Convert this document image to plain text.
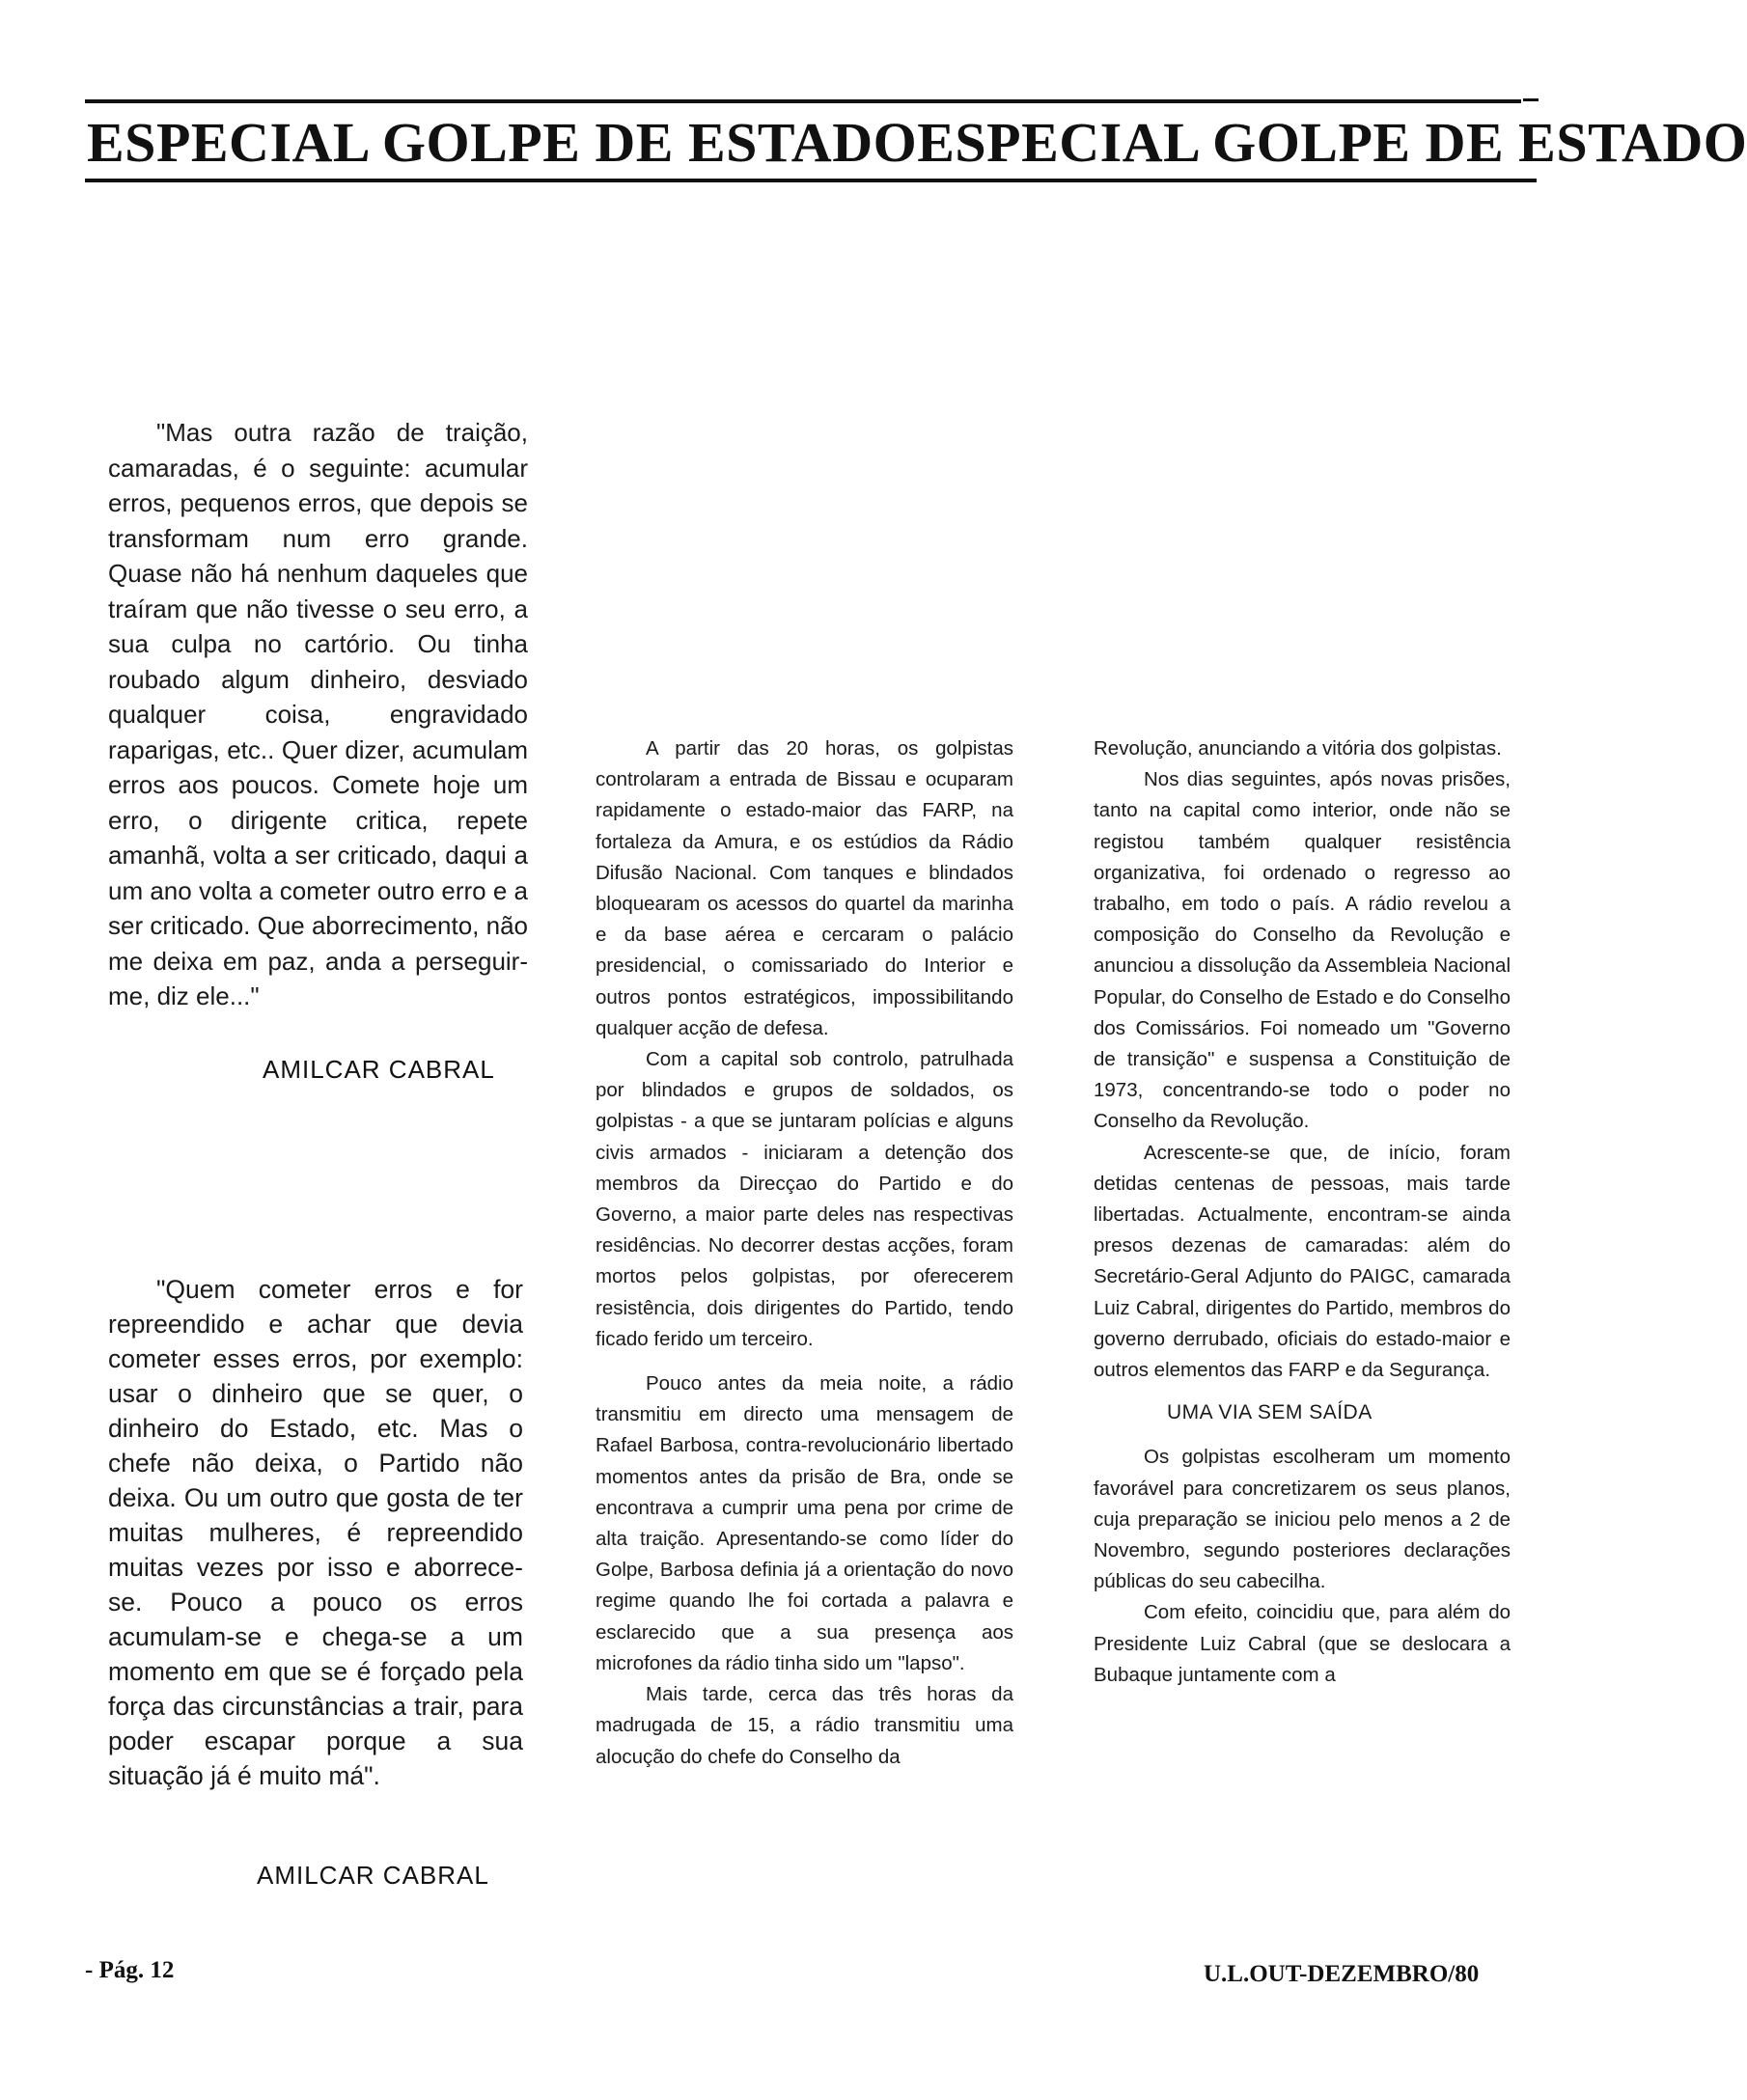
ESPECIAL GOLPE DE ESTADOESPECIAL GOLPE DE ESTADO

"Mas outra razão de traição, camaradas, é o seguinte: acumular erros, pequenos erros, que depois se transformam num erro grande. Quase não há nenhum daqueles que traíram que não tivesse o seu erro, a sua culpa no cartório. Ou tinha roubado algum dinheiro, desviado qualquer coisa, engravidado raparigas, etc.. Quer dizer, acumulam erros aos poucos. Comete hoje um erro, o dirigente critica, repete amanhã, volta a ser criticado, daqui a um ano volta a cometer outro erro e a ser criticado. Que aborrecimento, não me deixa em paz, anda a perseguir-me, diz ele..."

AMILCAR CABRAL

"Quem cometer erros e for repreendido e achar que devia cometer esses erros, por exemplo: usar o dinheiro que se quer, o dinheiro do Estado, etc. Mas o chefe não deixa, o Partido não deixa. Ou um outro que gosta de ter muitas mulheres, é repreendido muitas vezes por isso e aborrece-se. Pouco a pouco os erros acumulam-se e chega-se a um momento em que se é forçado pela força das circunstâncias a trair, para poder escapar porque a sua situação já é muito má".

AMILCAR CABRAL

A partir das 20 horas, os golpistas controlaram a entrada de Bissau e ocuparam rapidamente o estado-maior das FARP, na fortaleza da Amura, e os estúdios da Rádio Difusão Nacional. Com tanques e blindados bloquearam os acessos do quartel da marinha e da base aérea e cercaram o palácio presidencial, o comissariado do Interior e outros pontos estratégicos, impossibilitando qualquer acção de defesa.

Com a capital sob controlo, patrulhada por blindados e grupos de soldados, os golpistas - a que se juntaram polícias e alguns civis armados - iniciaram a detenção dos membros da Direcçao do Partido e do Governo, a maior parte deles nas respectivas residências. No decorrer destas acções, foram mortos pelos golpistas, por oferecerem resistência, dois dirigentes do Partido, tendo ficado ferido um terceiro.

Pouco antes da meia noite, a rádio transmitiu em directo uma mensagem de Rafael Barbosa, contra-revolucionário libertado momentos antes da prisão de Bra, onde se encontrava a cumprir uma pena por crime de alta traição. Apresentando-se como líder do Golpe, Barbosa definia já a orientação do novo regime quando lhe foi cortada a palavra e esclarecido que a sua presença aos microfones da rádio tinha sido um "lapso".

Mais tarde, cerca das três horas da madrugada de 15, a rádio transmitiu uma alocução do chefe do Conselho da

Revolução, anunciando a vitória dos golpistas.

Nos dias seguintes, após novas prisões, tanto na capital como interior, onde não se registou também qualquer resistência organizativa, foi ordenado o regresso ao trabalho, em todo o país. A rádio revelou a composição do Conselho da Revolução e anunciou a dissolução da Assembleia Nacional Popular, do Conselho de Estado e do Conselho dos Comissários. Foi nomeado um "Governo de transição" e suspensa a Constituição de 1973, concentrando-se todo o poder no Conselho da Revolução.

Acrescente-se que, de início, foram detidas centenas de pessoas, mais tarde libertadas. Actualmente, encontram-se ainda presos dezenas de camaradas: além do Secretário-Geral Adjunto do PAIGC, camarada Luiz Cabral, dirigentes do Partido, membros do governo derrubado, oficiais do estado-maior e outros elementos das FARP e da Segurança.

UMA VIA SEM SAÍDA

Os golpistas escolheram um momento favorável para concretizarem os seus planos, cuja preparação se iniciou pelo menos a 2 de Novembro, segundo posteriores declarações públicas do seu cabecilha.

Com efeito, coincidiu que, para além do Presidente Luiz Cabral (que se deslocara a Bubaque juntamente com a

- Pág. 12	U.L.OUT-DEZEMBRO/80
